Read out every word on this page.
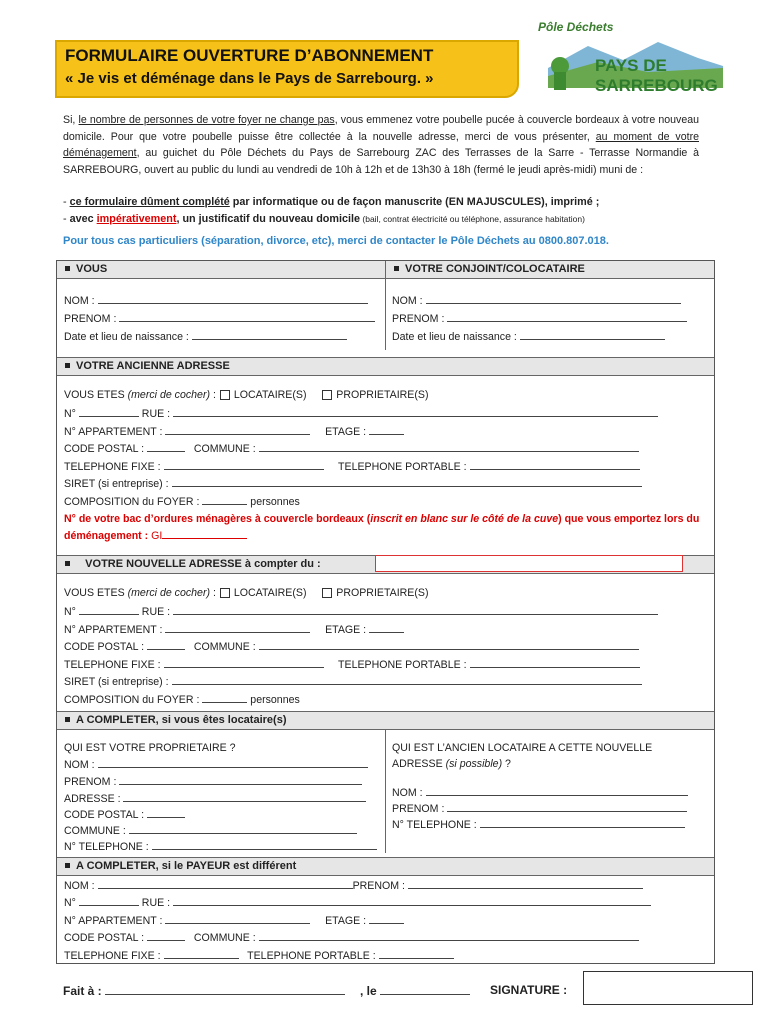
FORMULAIRE OUVERTURE D’ABONNEMENT
« Je vis et déménage dans le Pays de Sarrebourg. »
Pôle Déchets
PAYS DE SARREBOURG
Si, le nombre de personnes de votre foyer ne change pas, vous emmenez votre poubelle pucée à couvercle bordeaux à votre nouveau domicile. Pour que votre poubelle puisse être collectée à la nouvelle adresse, merci de vous présenter, au moment de votre déménagement, au guichet du Pôle Déchets du Pays de Sarrebourg ZAC des Terrasses de la Sarre - Terrasse Normandie à SARREBOURG, ouvert au public du lundi au vendredi de 10h à 12h et de 13h30 à 18h (fermé le jeudi après-midi) muni de :
- ce formulaire dûment complété par informatique ou de façon manuscrite (EN MAJUSCULES), imprimé ;
- avec impérativement, un justificatif du nouveau domicile (bail, contrat électricité ou téléphone, assurance habitation)
Pour tous cas particuliers (séparation, divorce, etc), merci de contacter le Pôle Déchets au 0800.807.018.
VOUS	VOTRE CONJOINT/COLOCATAIRE
NOM :
PRENOM :
Date et lieu de naissance :
NOM :
PRENOM :
Date et lieu de naissance :
VOTRE ANCIENNE ADRESSE
VOUS ETES (merci de cocher) : LOCATAIRE(S)	PROPRIETAIRE(S)
N°	RUE :
N° APPARTEMENT :	ETAGE :
CODE POSTAL :	COMMUNE :
TELEPHONE FIXE :	TELEPHONE PORTABLE :
SIRET (si entreprise) :
COMPOSITION du FOYER :	personnes
N° de votre bac d’ordures ménagères à couvercle bordeaux (inscrit en blanc sur le côté de la cuve) que vous emportez lors du déménagement : GI
VOTRE NOUVELLE ADRESSE à compter du :
VOUS ETES (merci de cocher) : LOCATAIRE(S)	PROPRIETAIRE(S)
N°	RUE :
N° APPARTEMENT :	ETAGE :
CODE POSTAL :	COMMUNE :
TELEPHONE FIXE :	TELEPHONE PORTABLE :
SIRET (si entreprise) :
COMPOSITION du FOYER :	personnes
A COMPLETER, si vous êtes locataire(s)
QUI EST VOTRE PROPRIETAIRE ?
NOM :
PRENOM :
ADRESSE :
CODE POSTAL :
COMMUNE :
N° TELEPHONE :
QUI EST L’ANCIEN LOCATAIRE A CETTE NOUVELLE
ADRESSE (si possible) ?
NOM :
PRENOM :
N° TELEPHONE :
A COMPLETER, si le PAYEUR est différent
NOM :	PRENOM :
N°	RUE :
N° APPARTEMENT :	ETAGE :
CODE POSTAL :	COMMUNE :
TELEPHONE FIXE :	TELEPHONE PORTABLE :
Fait à :	, le	SIGNATURE :
